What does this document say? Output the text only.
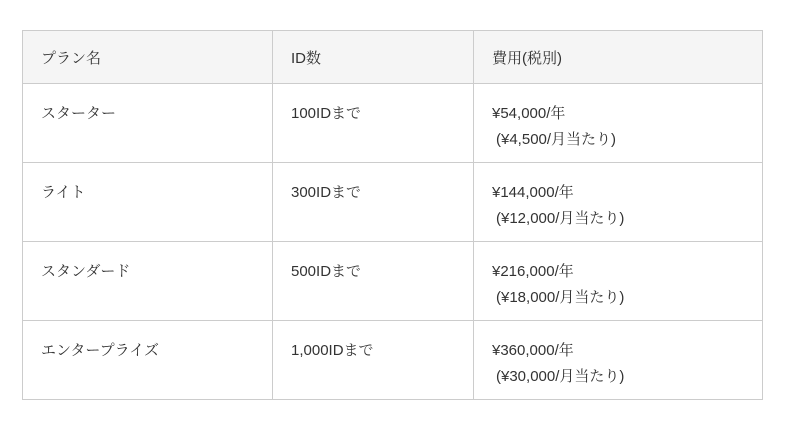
プラン名	ID数	費用(税別)
スターター	100IDまで	¥54,000/年
(¥4,500/月当たり)

ライト	300IDまで	¥144,000/年
(¥12,000/月当たり)

スタンダード	500IDまで	¥216,000/年
(¥18,000/月当たり)

エンタープライズ	1,000IDまで	¥360,000/年
(¥30,000/月当たり)
